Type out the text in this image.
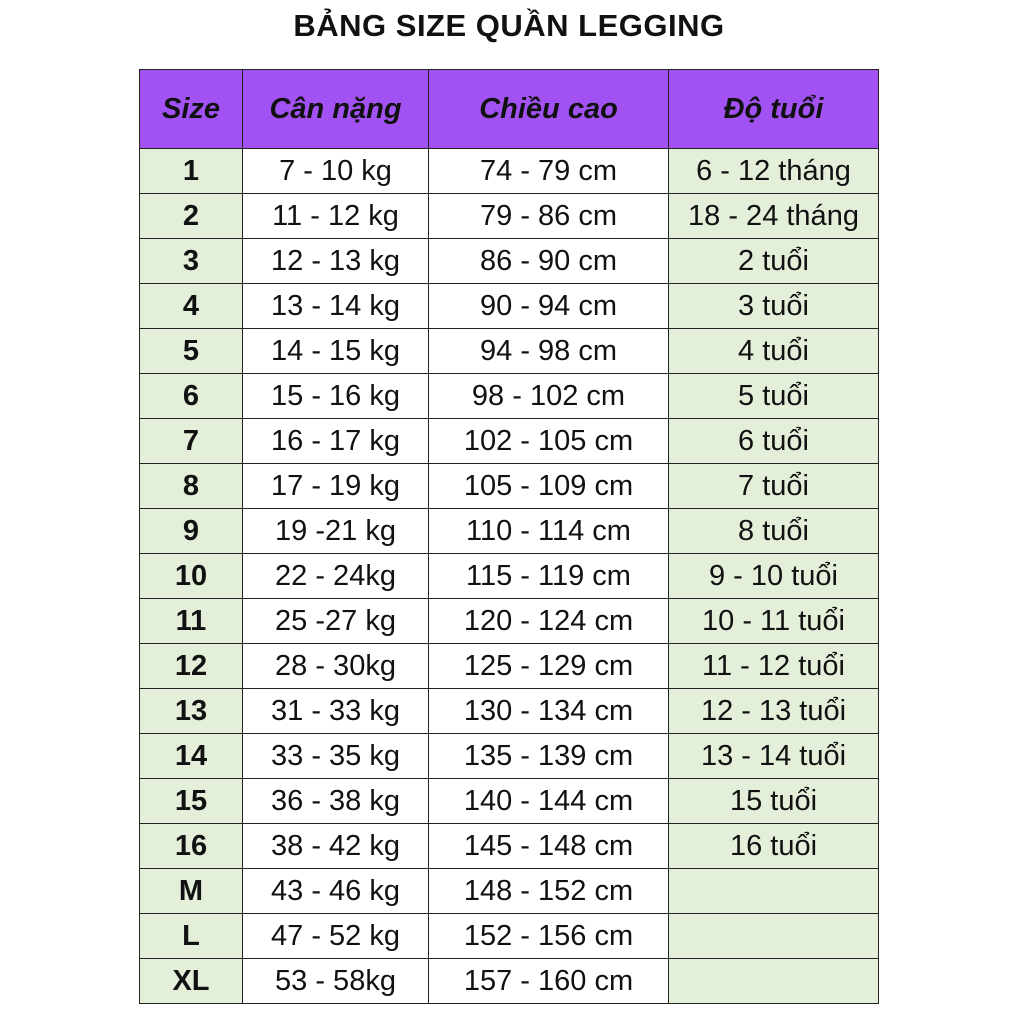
BẢNG SIZE QUẦN LEGGING
Size	Cân nặng	Chiều cao	Độ tuổi
1	7 - 10 kg	74 - 79 cm	6 - 12 tháng
2	11 - 12 kg	79 - 86 cm	18 - 24 tháng
3	12 - 13 kg	86 - 90 cm	2 tuổi
4	13 - 14 kg	90 - 94 cm	3 tuổi
5	14 - 15 kg	94 - 98 cm	4 tuổi
6	15 - 16 kg	98 - 102 cm	5 tuổi
7	16 - 17 kg	102 - 105 cm	6 tuổi
8	17 - 19 kg	105 - 109 cm	7 tuổi
9	19 -21 kg	110 - 114 cm	8 tuổi
10	22 - 24kg	115 - 119 cm	9 - 10 tuổi
11	25 -27 kg	120 - 124 cm	10 - 11 tuổi
12	28 - 30kg	125 - 129 cm	11 - 12 tuổi
13	31 - 33 kg	130 - 134 cm	12 - 13 tuổi
14	33 - 35 kg	135 - 139 cm	13 - 14 tuổi
15	36 - 38 kg	140 - 144 cm	15 tuổi
16	38 - 42 kg	145 - 148 cm	16 tuổi
M	43 - 46 kg	148 - 152 cm	
L	47 - 52 kg	152 - 156 cm	
XL	53 - 58kg	157 - 160 cm	
